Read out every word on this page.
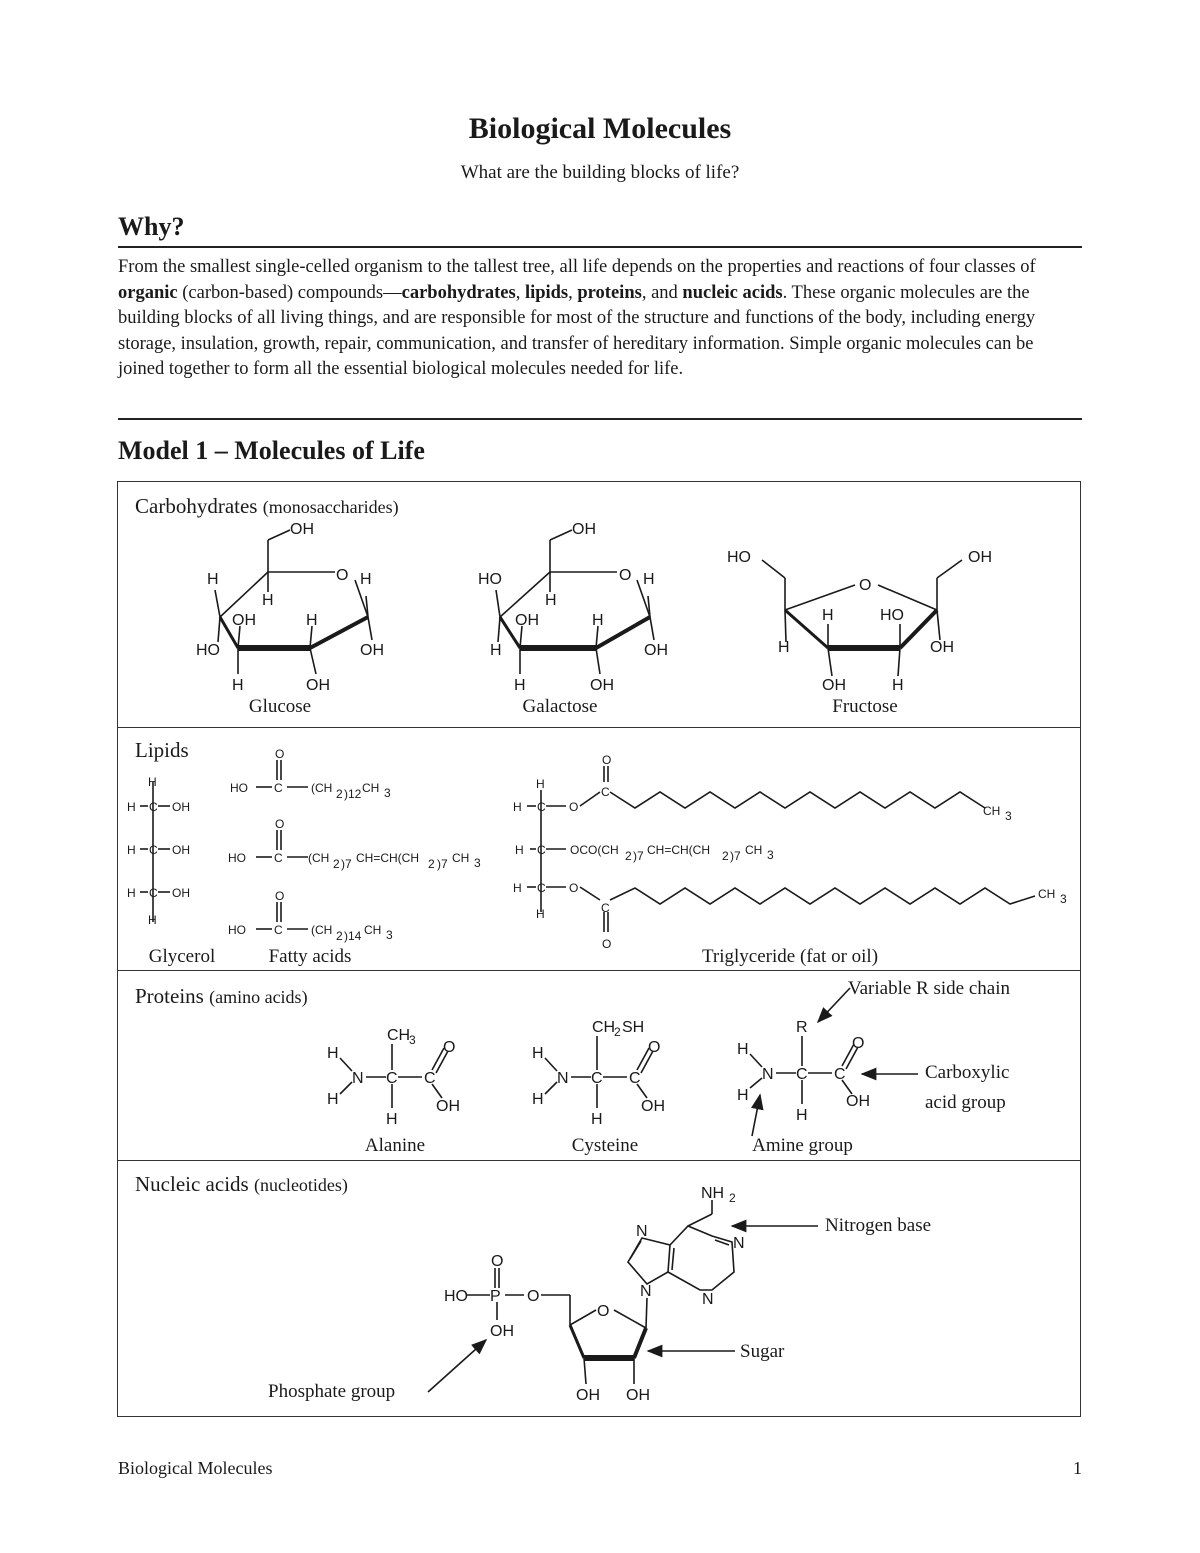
Biological Molecules
What are the building blocks of life?
Why?
From the smallest single-celled organism to the tallest tree, all life depends on the properties and reactions of four classes of organic (carbon-based) compounds—carbohydrates, lipids, proteins, and nucleic acids. These organic molecules are the building blocks of all living things, and are responsible for most of the structure and functions of the body, including energy storage, insulation, growth, repair, communication, and transfer of hereditary information. Simple organic molecules can be joined together to form all the essential biological molecules needed for life.
Model 1 – Molecules of Life
Carbohydrates (monosaccharides)
Lipids
Proteins (amino acids)
Nucleic acids (nucleotides)
Glucose	Galactose	Fructose
Glycerol	Fatty acids	Triglyceride (fat or oil)
Alanine	Cysteine	Amine group
Variable R side chain
Carboxylic
acid group
Nitrogen base
Sugar
Phosphate group
OH
O H
H
H
OH	H
HO	OH
H	OH
OH
O H
HO
H
OH	H
H	OH
H	OH
HO	OH
O
H	HO
H	OH
OH	H
H
H C OH
H C OH
H C OH
H
O
HO C (CH 2 )12 CH 3
O
HO C (CH 2 )7 CH=CH(CH 2 )7 CH 3
O
HO C (CH 2 )14 CH 3
H
O
H C O
C
CH 3
H C OCO(CH 2 )7 CH=CH(CH 2 )7 CH 3
H C O
H	C
O
CH 3
CH
3
H
N C C
O
H	OH
H
CH
2 SH
H
N C C
O
H	OH
H
R
H
N C C
O
H	OH
H
NH 2
N
N
N
N
O
HO P O
OH
O
OH OH
Biological Molecules	1
